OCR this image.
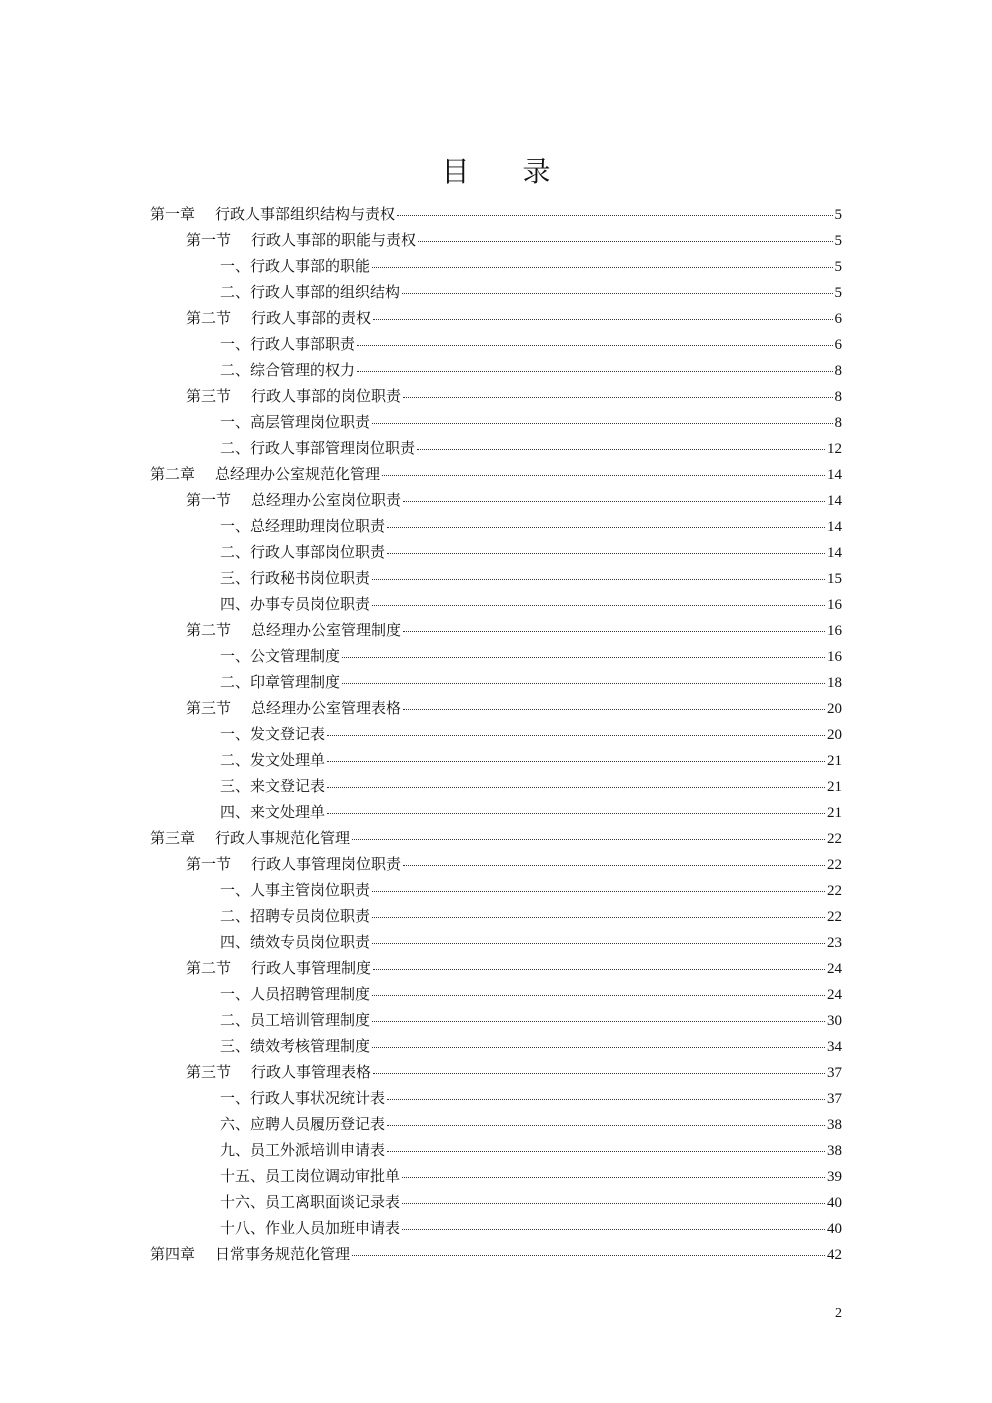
目 录
第一章 行政人事部组织结构与责权	5
第一节 行政人事部的职能与责权	5
一、 行政人事部的职能	5
二、 行政人事部的组织结构	5
第二节 行政人事部的责权	6
一、 行政人事部职责	6
二、 综合管理的权力	8
第三节 行政人事部的岗位职责	8
一、 高层管理岗位职责	8
二、 行政人事部管理岗位职责	12
第二章 总经理办公室规范化管理	14
第一节 总经理办公室岗位职责	14
一、 总经理助理岗位职责	14
二、 行政人事部岗位职责	14
三、 行政秘书岗位职责	15
四、 办事专员岗位职责	16
第二节 总经理办公室管理制度	16
一、 公文管理制度	16
二、 印章管理制度	18
第三节 总经理办公室管理表格	20
一、 发文登记表	20
二、 发文处理单	21
三、 来文登记表	21
四、 来文处理单	21
第三章 行政人事规范化管理	22
第一节 行政人事管理岗位职责	22
一、 人事主管岗位职责	22
二、 招聘专员岗位职责	22
四、 绩效专员岗位职责	23
第二节 行政人事管理制度	24
一、 人员招聘管理制度	24
二、 员工培训管理制度	30
三、 绩效考核管理制度	34
第三节 行政人事管理表格	37
一、 行政人事状况统计表	37
六、 应聘人员履历登记表	38
九、 员工外派培训申请表	38
十五、 员工岗位调动审批单	39
十六、 员工离职面谈记录表	40
十八、 作业人员加班申请表	40
第四章 日常事务规范化管理	42
2
